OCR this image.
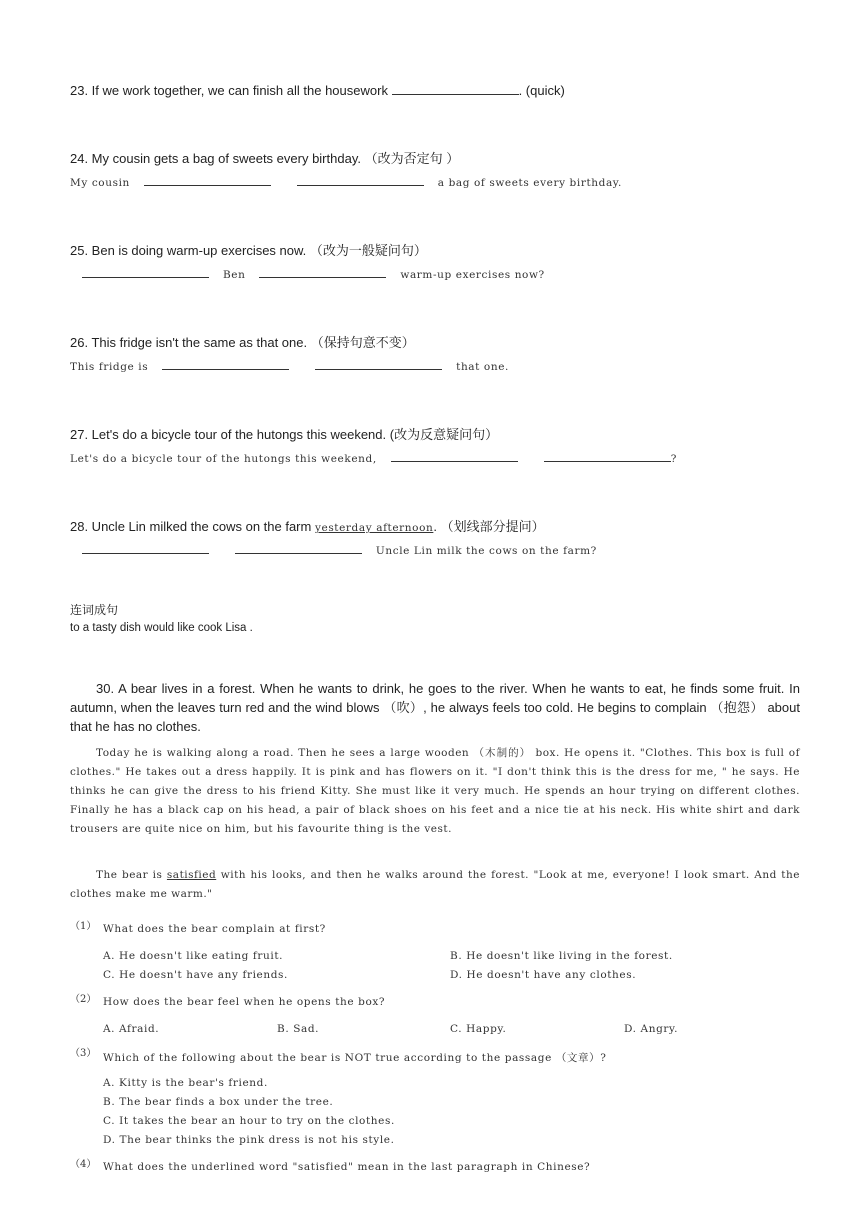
23. If we work together, we can finish all the housework	. (quick)
24. My cousin gets a bag of sweets every birthday. （改为否定句 ）
My cousin	a bag of sweets every birthday.
25. Ben is doing warm-up exercises now. （改为一般疑问句）
Ben	warm-up exercises now?
26. This fridge isn't the same as that one. （保持句意不变）
This fridge is	that one.
27. Let's do a bicycle tour of the hutongs this weekend. (改为反意疑问句）
Let's do a bicycle tour of the hutongs this weekend,	?
28. Uncle Lin milked the cows on the farm yesterday afternoon. （划线部分提问）
Uncle Lin milk the cows on the farm?
连词成句
to a tasty dish would like cook Lisa .

30. A bear lives in a forest. When he wants to drink, he goes to the river. When he wants to eat, he finds some fruit. In autumn, when the leaves turn red and the wind blows （吹）, he always feels too cold. He begins to complain （抱怨） about that he has no clothes.

Today he is walking along a road. Then he sees a large wooden （木制的） box. He opens it. "Clothes. This box is full of clothes." He takes out a dress happily. It is pink and has flowers on it. "I don't think this is the dress for me, " he says. He thinks he can give the dress to his friend Kitty. She must like it very much. He spends an hour trying on different clothes. Finally he has a black cap on his head, a pair of black shoes on his feet and a nice tie at his neck. His white shirt and dark trousers are quite nice on him, but his favourite thing is the vest.

The bear is satisfied with his looks, and then he walks around the forest. "Look at me, everyone! I look smart. And the clothes make me warm."

（1） What does the bear complain at first?
A. He doesn't like eating fruit.	B. He doesn't like living in the forest.
C. He doesn't have any friends.	D. He doesn't have any clothes.
（2） How does the bear feel when he opens the box?
A. Afraid.	B. Sad.	C. Happy.	D. Angry.
（3） Which of the following about the bear is NOT true according to the passage （文章）?
A. Kitty is the bear's friend.
B. The bear finds a box under the tree.
C. It takes the bear an hour to try on the clothes.
D. The bear thinks the pink dress is not his style.
（4） What does the underlined word "satisfied" mean in the last paragraph in Chinese?
